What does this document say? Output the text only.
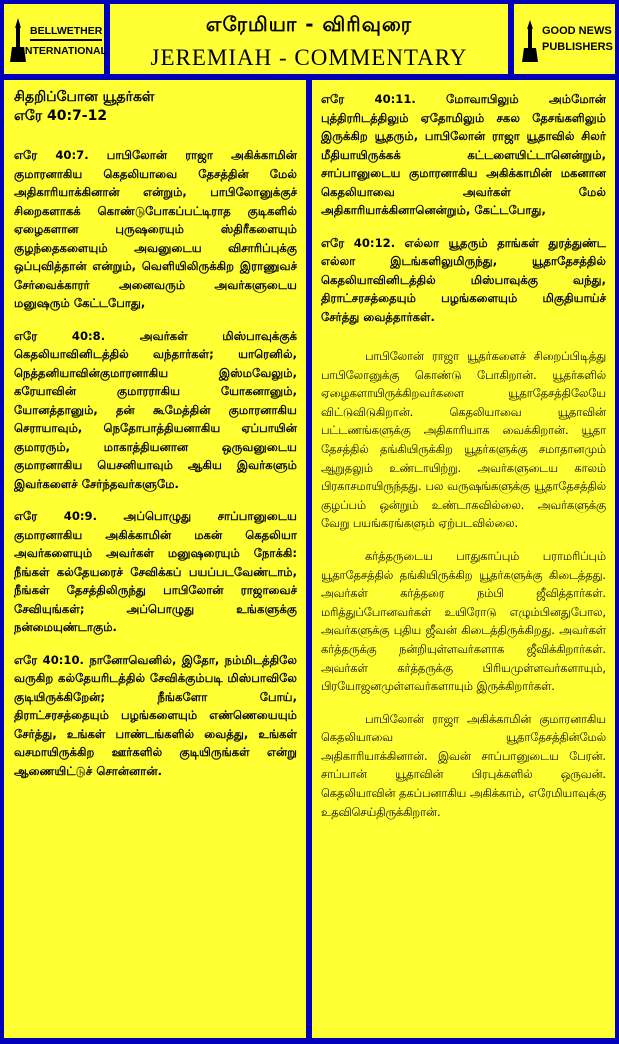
BELLWETHER
INTERNATIONAL
எரேமியா - விரிவுரை
JEREMIAH - COMMENTARY
GOOD NEWS
PUBLISHERS
சிதறிப்போன யூதர்கள்
எரே 40:7-12

எரே 40:7. பாபிலோன் ராஜா அகிக்காமின் குமாரனாகிய கெதலியாவை தேசத்தின் மேல் அதிகாரியாக்கினான் என்றும், பாபிலோனுக்குச் சிறைகளாகக் கொண்டுபோகப்பட்டிராத குடிகளில் ஏழைகளான புருஷரையும் ஸ்திரீகளையும் குழந்தைகளையும் அவனுடைய விசாரிப்புக்கு ஒப்புவித்தான் என்றும், வெளியிலிருக்கிற இராணுவச் சேர்வைக்காரர் அனைவரும் அவர்களுடைய மனுஷரும் கேட்டபோது,

எரே 40:8. அவர்கள் மிஸ்பாவுக்குக் கெதலியாவினிடத்தில் வந்தார்கள்; யாரெனில், நெத்தனியாவின்குமாரனாகிய இஸ்மவேலும், கரேயாவின் குமாரராகிய யோகனானும், யோனத்தானும், தன் கூமேத்தின் குமாரனாகிய செராயாவும், நெதோபாத்தியனாகிய ஏப்பாயின் குமாரரும், மாகாத்தியனான ஒருவனுடைய குமாரனாகிய யெசனியாவும் ஆகிய இவர்களும் இவர்களைச் சேர்ந்தவர்களுமே.

எரே 40:9. அப்பொழுது சாப்பானுடைய குமாரனாகிய அகிக்காமின் மகன் கெதலியா அவர்களையும் அவர்கள் மனுஷரையும் நோக்கி: நீங்கள் கல்தேயரைச் சேவிக்கப் பயப்படவேண்டாம், நீங்கள் தேசத்திலிருந்து பாபிலோன் ராஜாவைச் சேவியுங்கள்; அப்பொழுது உங்களுக்கு நன்மையுண்டாகும்.

எரே 40:10. நானோவெனில், இதோ, நம்மிடத்திலே வருகிற கல்தேயரிடத்தில் சேவிக்கும்படி மிஸ்பாவிலே குடியிருக்கிறேன்; நீங்களோ போய், திராட்சரசத்தையும் பழங்களையும் எண்ணெயையும் சேர்த்து, உங்கள் பாண்டங்களில் வைத்து, உங்கள் வசமாயிருக்கிற ஊர்களில் குடியிருங்கள் என்று ஆணையிட்டுச் சொன்னான்.

எரே 40:11. மோவாபிலும் அம்மோன் புத்திரரிடத்திலும் ஏதோமிலும் சகல தேசங்களிலும் இருக்கிற யூதரும், பாபிலோன் ராஜா யூதாவில் சிலர் மீதியாயிருக்கக் கட்டளையிட்டானென்றும், சாப்பானுடைய குமாரனாகிய அகிக்காமின் மகனான கெதலியாவை அவர்கள் மேல் அதிகாரியாக்கினானென்றும், கேட்டபோது,

எரே 40:12. எல்லா யூதரும் தாங்கள் துரத்துண்ட எல்லா இடங்களிலுமிருந்து, யூதாதேசத்தில் கெதலியாவினிடத்தில் மிஸ்பாவுக்கு வந்து, திராட்சரசத்தையும் பழங்களையும் மிகுதியாய்ச் சேர்த்து வைத்தார்கள்.

பாபிலோன் ராஜா யூதர்களைச் சிறைப்பிடித்து பாபிலோனுக்கு கொண்டு போகிறான். யூதர்களில் ஏழைகளாயிருக்கிறவர்களை யூதாதேசத்திலேயே விட்டுவிடுகிறான். கெதலியாவை யூதாவின் பட்டணங்களுக்கு அதிகாரியாக வைக்கிறான். யூதா தேசத்தில் தங்கியிருக்கிற யூதர்களுக்கு சமாதானமும் ஆறுதலும் உண்டாயிற்று. அவர்களுடைய காலம் பிரகாசமாயிருந்தது. பல வருஷங்களுக்கு யூதாதேசத்தில் குழப்பம் ஒன்றும் உண்டாகவில்லை. அவர்களுக்கு வேறு பயங்கரங்களும் ஏற்படவில்லை.

கர்த்தருடைய பாதுகாப்பும் பராமரிப்பும் யூதாதேசத்தில் தங்கியிருக்கிற யூதர்களுக்கு கிடைத்தது. அவர்கள் கர்த்தரை நம்பி ஜீவித்தார்கள். மரித்துப்போனவர்கள் உயிரோடு எழும்பினதுபோல, அவர்களுக்கு புதிய ஜீவன் கிடைத்திருக்கிறது. அவர்கள் கர்த்தருக்கு நன்றியுள்ளவர்களாக ஜீவிக்கிறார்கள். அவர்கள் கர்த்தருக்கு பிரியமுள்ளவர்களாயும், பிரயோஜனமுள்ளவர்களாயும் இருக்கிறார்கள்.

பாபிலோன் ராஜா அகிக்காமின் குமாரனாகிய கெதலியாவை யூதாதேசத்தின்மேல் அதிகாரியாக்கினான். இவன் சாப்பானுடைய பேரன். சாப்பான் யூதாவின் பிரபுக்களில் ஒருவன். கெதலியாவின் தகப்பனாகிய அகிக்காம், எரேமியாவுக்கு உதவிசெய்திருக்கிறான்.
